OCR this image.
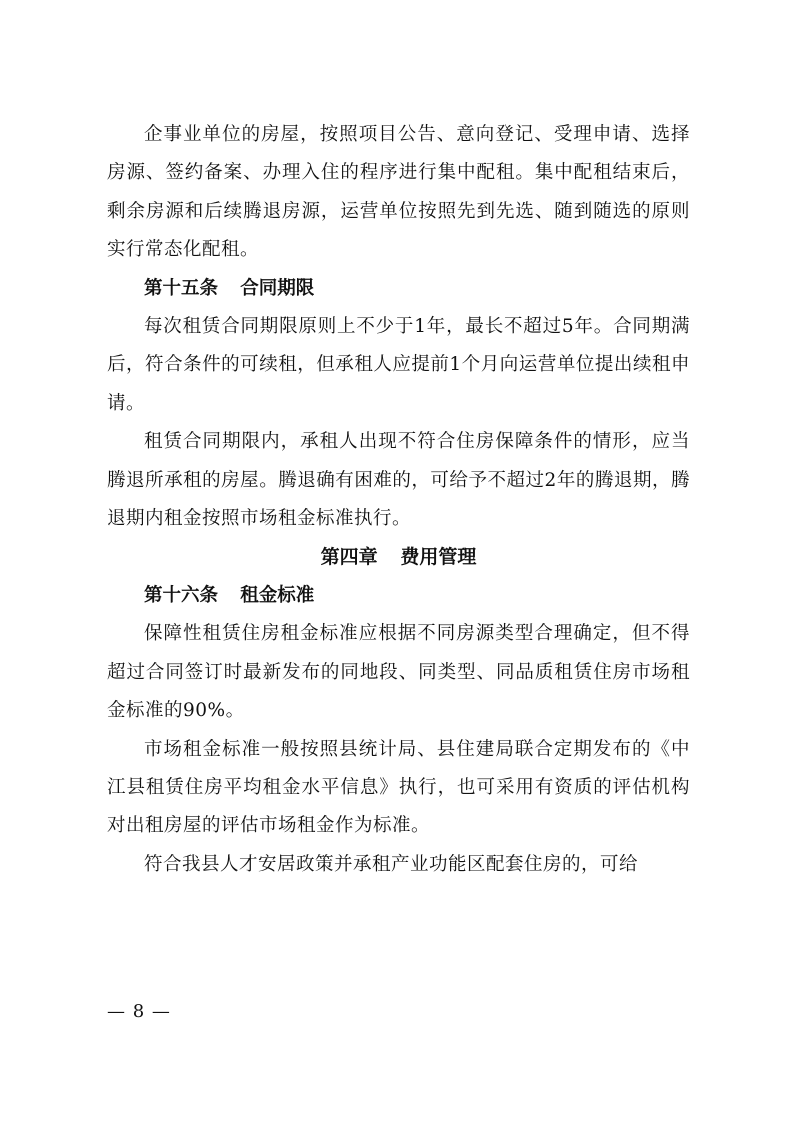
企事业单位的房屋，按照项目公告、意向登记、受理申请、选择房源、签约备案、办理入住的程序进行集中配租。集中配租结束后，剩余房源和后续腾退房源，运营单位按照先到先选、随到随选的原则实行常态化配租。

第十五条 合同期限

每次租赁合同期限原则上不少于1年，最长不超过5年。合同期满后，符合条件的可续租，但承租人应提前1个月向运营单位提出续租申请。

租赁合同期限内，承租人出现不符合住房保障条件的情形，应当腾退所承租的房屋。腾退确有困难的，可给予不超过2年的腾退期，腾退期内租金按照市场租金标准执行。

第四章 费用管理

第十六条 租金标准

保障性租赁住房租金标准应根据不同房源类型合理确定，但不得超过合同签订时最新发布的同地段、同类型、同品质租赁住房市场租金标准的90%。

市场租金标准一般按照县统计局、县住建局联合定期发布的《中江县租赁住房平均租金水平信息》执行，也可采用有资质的评估机构对出租房屋的评估市场租金作为标准。

符合我县人才安居政策并承租产业功能区配套住房的，可给

— 8 —
